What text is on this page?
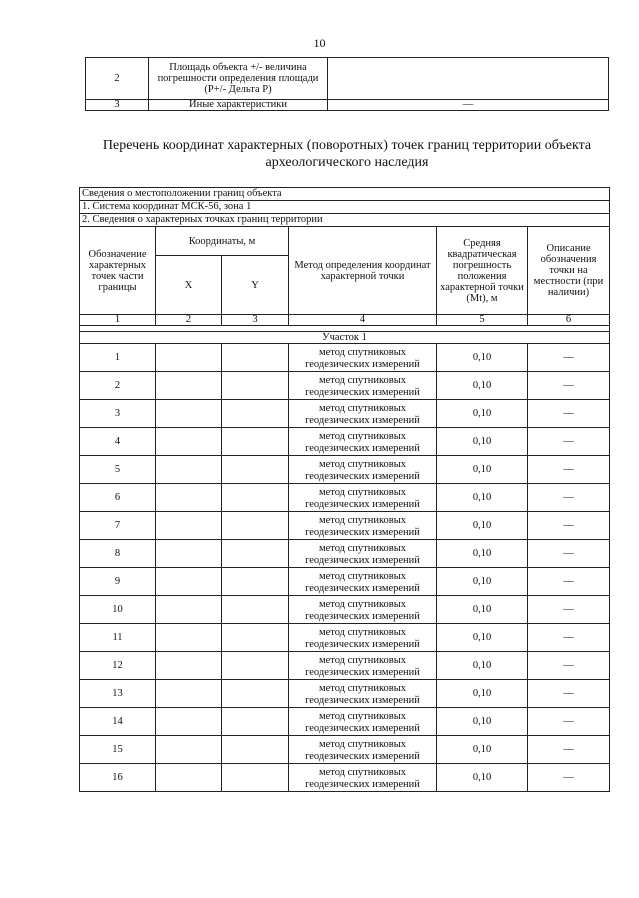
10
2	Площадь объекта +/- величина погрешности определения площади (Р+/- Дельта Р)	
3	Иные характеристики	—
Перечень координат характерных (поворотных) точек границ территории объекта археологического наследия
Сведения о местоположении границ объекта					
1. Система координат МСК-56, зона 1					
2. Сведения о характерных точках границ территории					
Обозначение характерных точек части границы	Координаты, м		Метод определения координат характерной точки	Средняя квадратическая погрешность положения характерной точки (Mt), м	Описание обозначения точки на местности (при наличии)
	X	Y			
1	2	3	4	5	6

Участок 1					
1			метод спутниковых геодезических измерений	0,10	—
2			метод спутниковых геодезических измерений	0,10	—
3			метод спутниковых геодезических измерений	0,10	—
4			метод спутниковых геодезических измерений	0,10	—
5			метод спутниковых геодезических измерений	0,10	—
6			метод спутниковых геодезических измерений	0,10	—
7			метод спутниковых геодезических измерений	0,10	—
8			метод спутниковых геодезических измерений	0,10	—
9			метод спутниковых геодезических измерений	0,10	—
10			метод спутниковых геодезических измерений	0,10	—
11			метод спутниковых геодезических измерений	0,10	—
12			метод спутниковых геодезических измерений	0,10	—
13			метод спутниковых геодезических измерений	0,10	—
14			метод спутниковых геодезических измерений	0,10	—
15			метод спутниковых геодезических измерений	0,10	—
16			метод спутниковых геодезических измерений	0,10	—
